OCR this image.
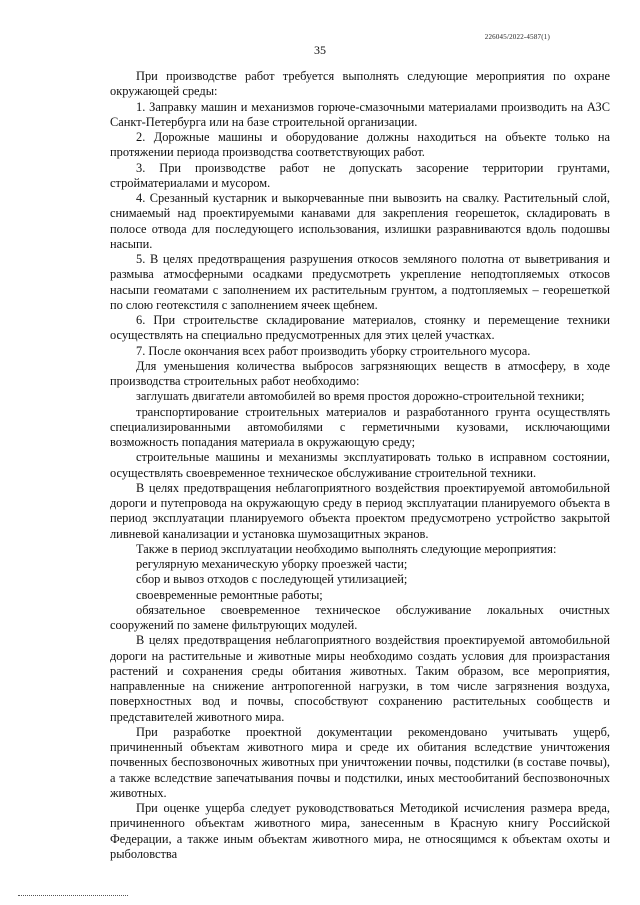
226045/2022-4587(1)
35

При производстве работ требуется выполнять следующие мероприятия по охране окружающей среды:

1. Заправку машин и механизмов горюче-смазочными материалами производить на АЗС Санкт-Петербурга или на базе строительной организации.

2. Дорожные машины и оборудование должны находиться на объекте только на протяжении периода производства соответствующих работ.

3. При производстве работ не допускать засорение территории грунтами, стройматериалами и мусором.

4. Срезанный кустарник и выкорчеванные пни вывозить на свалку. Растительный слой, снимаемый над проектируемыми канавами для закрепления георешеток, складировать в полосе отвода для последующего использования, излишки разравниваются вдоль подошвы насыпи.

5. В целях предотвращения разрушения откосов земляного полотна от выветривания и размыва атмосферными осадками предусмотреть укрепление неподтопляемых откосов насыпи геоматами с заполнением их растительным грунтом, а подтопляемых – георешеткой по слою геотекстиля с заполнением ячеек щебнем.

6. При строительстве складирование материалов, стоянку и перемещение техники осуществлять на специально предусмотренных для этих целей участках.

7. После окончания всех работ производить уборку строительного мусора.

Для уменьшения количества выбросов загрязняющих веществ в атмосферу, в ходе производства строительных работ необходимо:

заглушать двигатели автомобилей во время простоя дорожно-строительной техники;

транспортирование строительных материалов и разработанного грунта осуществлять специализированными автомобилями с герметичными кузовами, исключающими возможность попадания материала в окружающую среду;

строительные машины и механизмы эксплуатировать только в исправном состоянии, осуществлять своевременное техническое обслуживание строительной техники.

В целях предотвращения неблагоприятного воздействия проектируемой автомобильной дороги и путепровода на окружающую среду в период эксплуатации планируемого объекта в период эксплуатации планируемого объекта проектом предусмотрено устройство закрытой ливневой канализации и установка шумозащитных экранов.

Также в период эксплуатации необходимо выполнять следующие мероприятия:

регулярную механическую уборку проезжей части;

сбор и вывоз отходов с последующей утилизацией;

своевременные ремонтные работы;

обязательное своевременное техническое обслуживание локальных очистных сооружений по замене фильтрующих модулей.

В целях предотвращения неблагоприятного воздействия проектируемой автомобильной дороги на растительные и животные миры необходимо создать условия для произрастания растений и сохранения среды обитания животных. Таким образом, все мероприятия, направленные на снижение антропогенной нагрузки, в том числе загрязнения воздуха, поверхностных вод и почвы, способствуют сохранению растительных сообществ и представителей животного мира.

При разработке проектной документации рекомендовано учитывать ущерб, причиненный объектам животного мира и среде их обитания вследствие уничтожения почвенных беспозвоночных животных при уничтожении почвы, подстилки (в составе почвы), а также вследствие запечатывания почвы и подстилки, иных местообитаний беспозвоночных животных.

При оценке ущерба следует руководствоваться Методикой исчисления размера вреда, причиненного объектам животного мира, занесенным в Красную книгу Российской Федерации, а также иным объектам животного мира, не относящимся к объектам охоты и рыболовства
